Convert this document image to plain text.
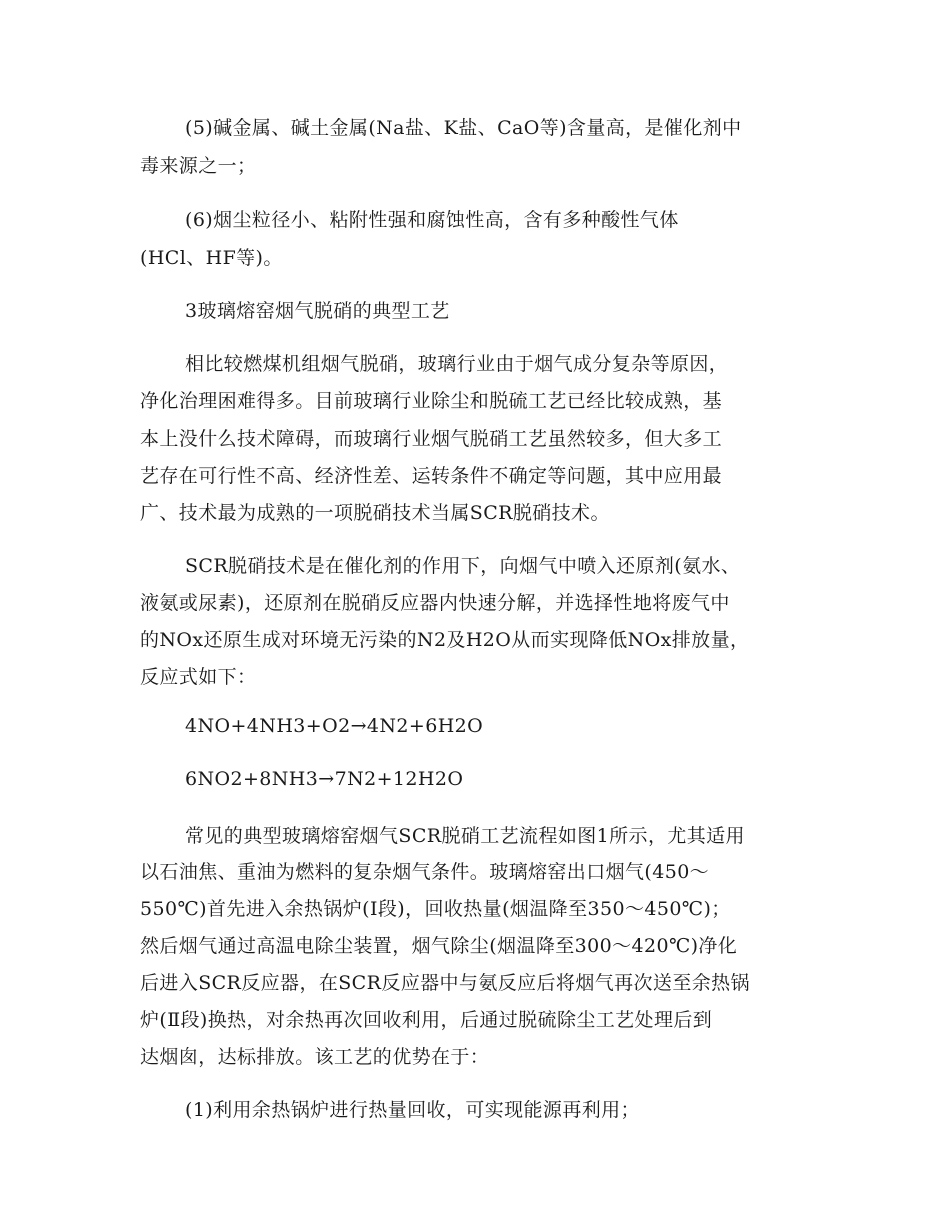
(5)碱金属、碱土金属(Na盐、K盐、CaO等)含量高，是催化剂中
毒来源之一；
(6)烟尘粒径小、粘附性强和腐蚀性高，含有多种酸性气体
(HCl、HF等)。
3玻璃熔窑烟气脱硝的典型工艺
相比较燃煤机组烟气脱硝，玻璃行业由于烟气成分复杂等原因，
净化治理困难得多。目前玻璃行业除尘和脱硫工艺已经比较成熟，基
本上没什么技术障碍，而玻璃行业烟气脱硝工艺虽然较多，但大多工
艺存在可行性不高、经济性差、运转条件不确定等问题，其中应用最
广、技术最为成熟的一项脱硝技术当属SCR脱硝技术。
SCR脱硝技术是在催化剂的作用下，向烟气中喷入还原剂(氨水、
液氨或尿素)，还原剂在脱硝反应器内快速分解，并选择性地将废气中
的NOx还原生成对环境无污染的N2及H2O从而实现降低NOx排放量，
反应式如下：
4NO+4NH3+O2→4N2+6H2O
6NO2+8NH3→7N2+12H2O
常见的典型玻璃熔窑烟气SCR脱硝工艺流程如图1所示，尤其适用
以石油焦、重油为燃料的复杂烟气条件。玻璃熔窑出口烟气(450～
550℃)首先进入余热锅炉(Ⅰ段)，回收热量(烟温降至350～450℃)；
然后烟气通过高温电除尘装置，烟气除尘(烟温降至300～420℃)净化
后进入SCR反应器，在SCR反应器中与氨反应后将烟气再次送至余热锅
炉(Ⅱ段)换热，对余热再次回收利用，后通过脱硫除尘工艺处理后到
达烟囱，达标排放。该工艺的优势在于：
(1)利用余热锅炉进行热量回收，可实现能源再利用；
